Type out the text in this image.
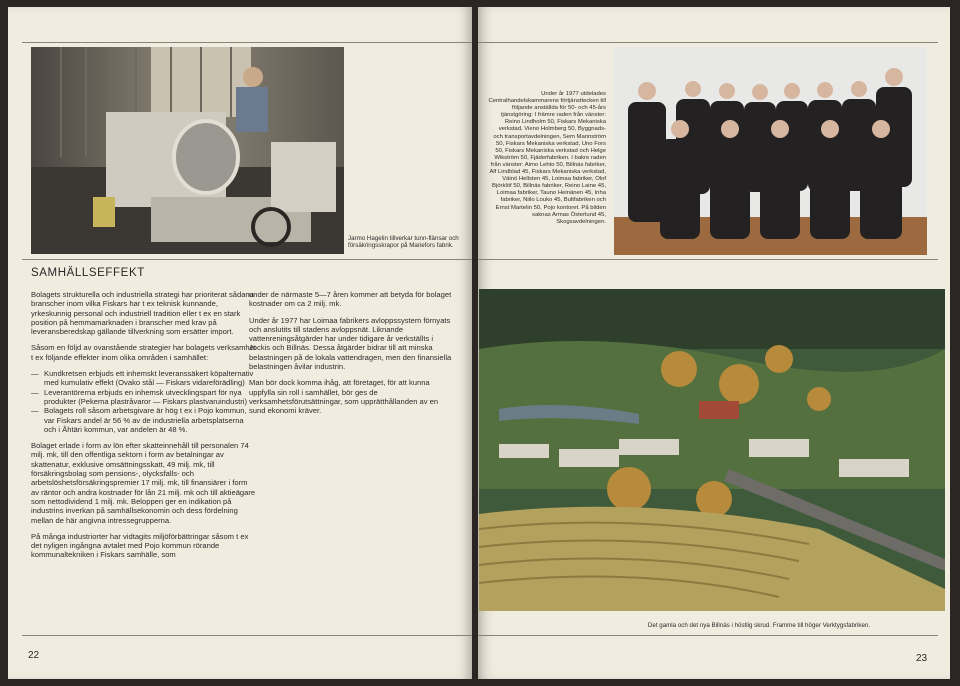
Jarmo Hagelin tillverkar tunn-flänsar och försäkringsskrapor på Mariefors fabrik.
SAMHÄLLSEFFEKT

Bolagets strukturella och industriella strategi har prioriterat sådana branscher inom vilka Fiskars har t ex teknisk kunnande, yrkeskunnig personal och industriell tradition eller t ex en stark position på hemmamarknaden i branscher med krav på leveransberedskap gällande tillverkning som ersätter import.

Såsom en följd av ovanstående strategier har bolagets verksamhet t ex följande effekter inom olika områden i samhället:

— Kundkretsen erbjuds ett inhemskt leveranssäkert köpalternativ med kumulativ effekt (Ovako stål — Fiskars vidareförädling)
— Leverantörerna erbjuds en inhemsk utvecklingspart för nya produkter (Pekema plastråvaror — Fiskars plastvaruindustri)
— Bolagets roll såsom arbetsgivare är hög t ex i Pojo kommun, var Fiskars andel är 56 % av de industriella arbetsplatserna och i Åhtäri kommun, var andelen är 48 %.

Bolaget erlade i form av lön efter skatteinnehåll till personalen 74 milj. mk, till den offentliga sektorn i form av betalningar av skattenatur, exklusive omsättningsskatt, 49 milj. mk, till försäkringsbolag som pensions-, olycksfalls- och arbetslöshetsförsäkringspremier 17 milj. mk, till finansiärer i form av räntor och andra kostnader för lån 21 milj. mk och till aktieägare som nettodividend 1 milj. mk. Beloppen ger en indikation på industrins inverkan på samhällsekonomin och dess fördelning mellan de här angivna intressegrupperna.

På många industriorter har vidtagits miljöförbättringar såsom t ex det nyligen ingångna avtalet med Pojo kommun rörande kommunaltekniken i Fiskars samhälle, som

under de närmaste 5—7 åren kommer att betyda för bolaget kostnader om ca 2 milj. mk.

Under år 1977 har Loimaa fabrikers avloppssystem förnyats och anslutits till stadens avloppsnät. Liknande vattenreningsåtgärder har under tidigare år verkställts i Jockis och Billnäs. Dessa åtgärder bidrar till att minska belastningen på de lokala vattendragen, men den finansiella belastningen åvilar industrin.

Man bör dock komma ihåg, att företaget, för att kunna uppfylla sin roll i samhället, bör ges de verksamhetsförutsättningar, som upprätthållanden av en sund ekonomi kräver.

22
Under år 1977 utdelades Centralhandelskammarens förtjänsttecken till följande anställda för 50- och 45-års tjänstgöring: I främre raden från vänster: Reino Lindholm 50, Fiskars Mekaniska verkstad, Vieno Holmberg 50, Byggnads- och transportavdelningen, Sem Mannström 50, Fiskars Mekaniska verkstad, Uno Fors 50, Fiskars Mekaniska verkstad och Helge Wikström 50, Fjäderfabriken. I bakre raden från vänster: Aimo Lehto 50, Billnäs fabriker, Alf Lindblad 45, Fiskars Mekaniska verkstad, Väinö Hellsten 45, Loimaa fabriker, Olof Björklöf 50, Billnäs fabriker, Reino Laine 45, Loimaa fabriker, Tauno Heinänen 45, Inha fabriker, Niilo Louko 45, Bultfabriken och Ernst Martelin 50, Pojo kontoret. På bilden saknas Armas Österlund 45, Skogsavdelningen.
Det gamla och det nya Billnäs i höstlig skrud. Framme till höger Verktygsfabriken.
23
